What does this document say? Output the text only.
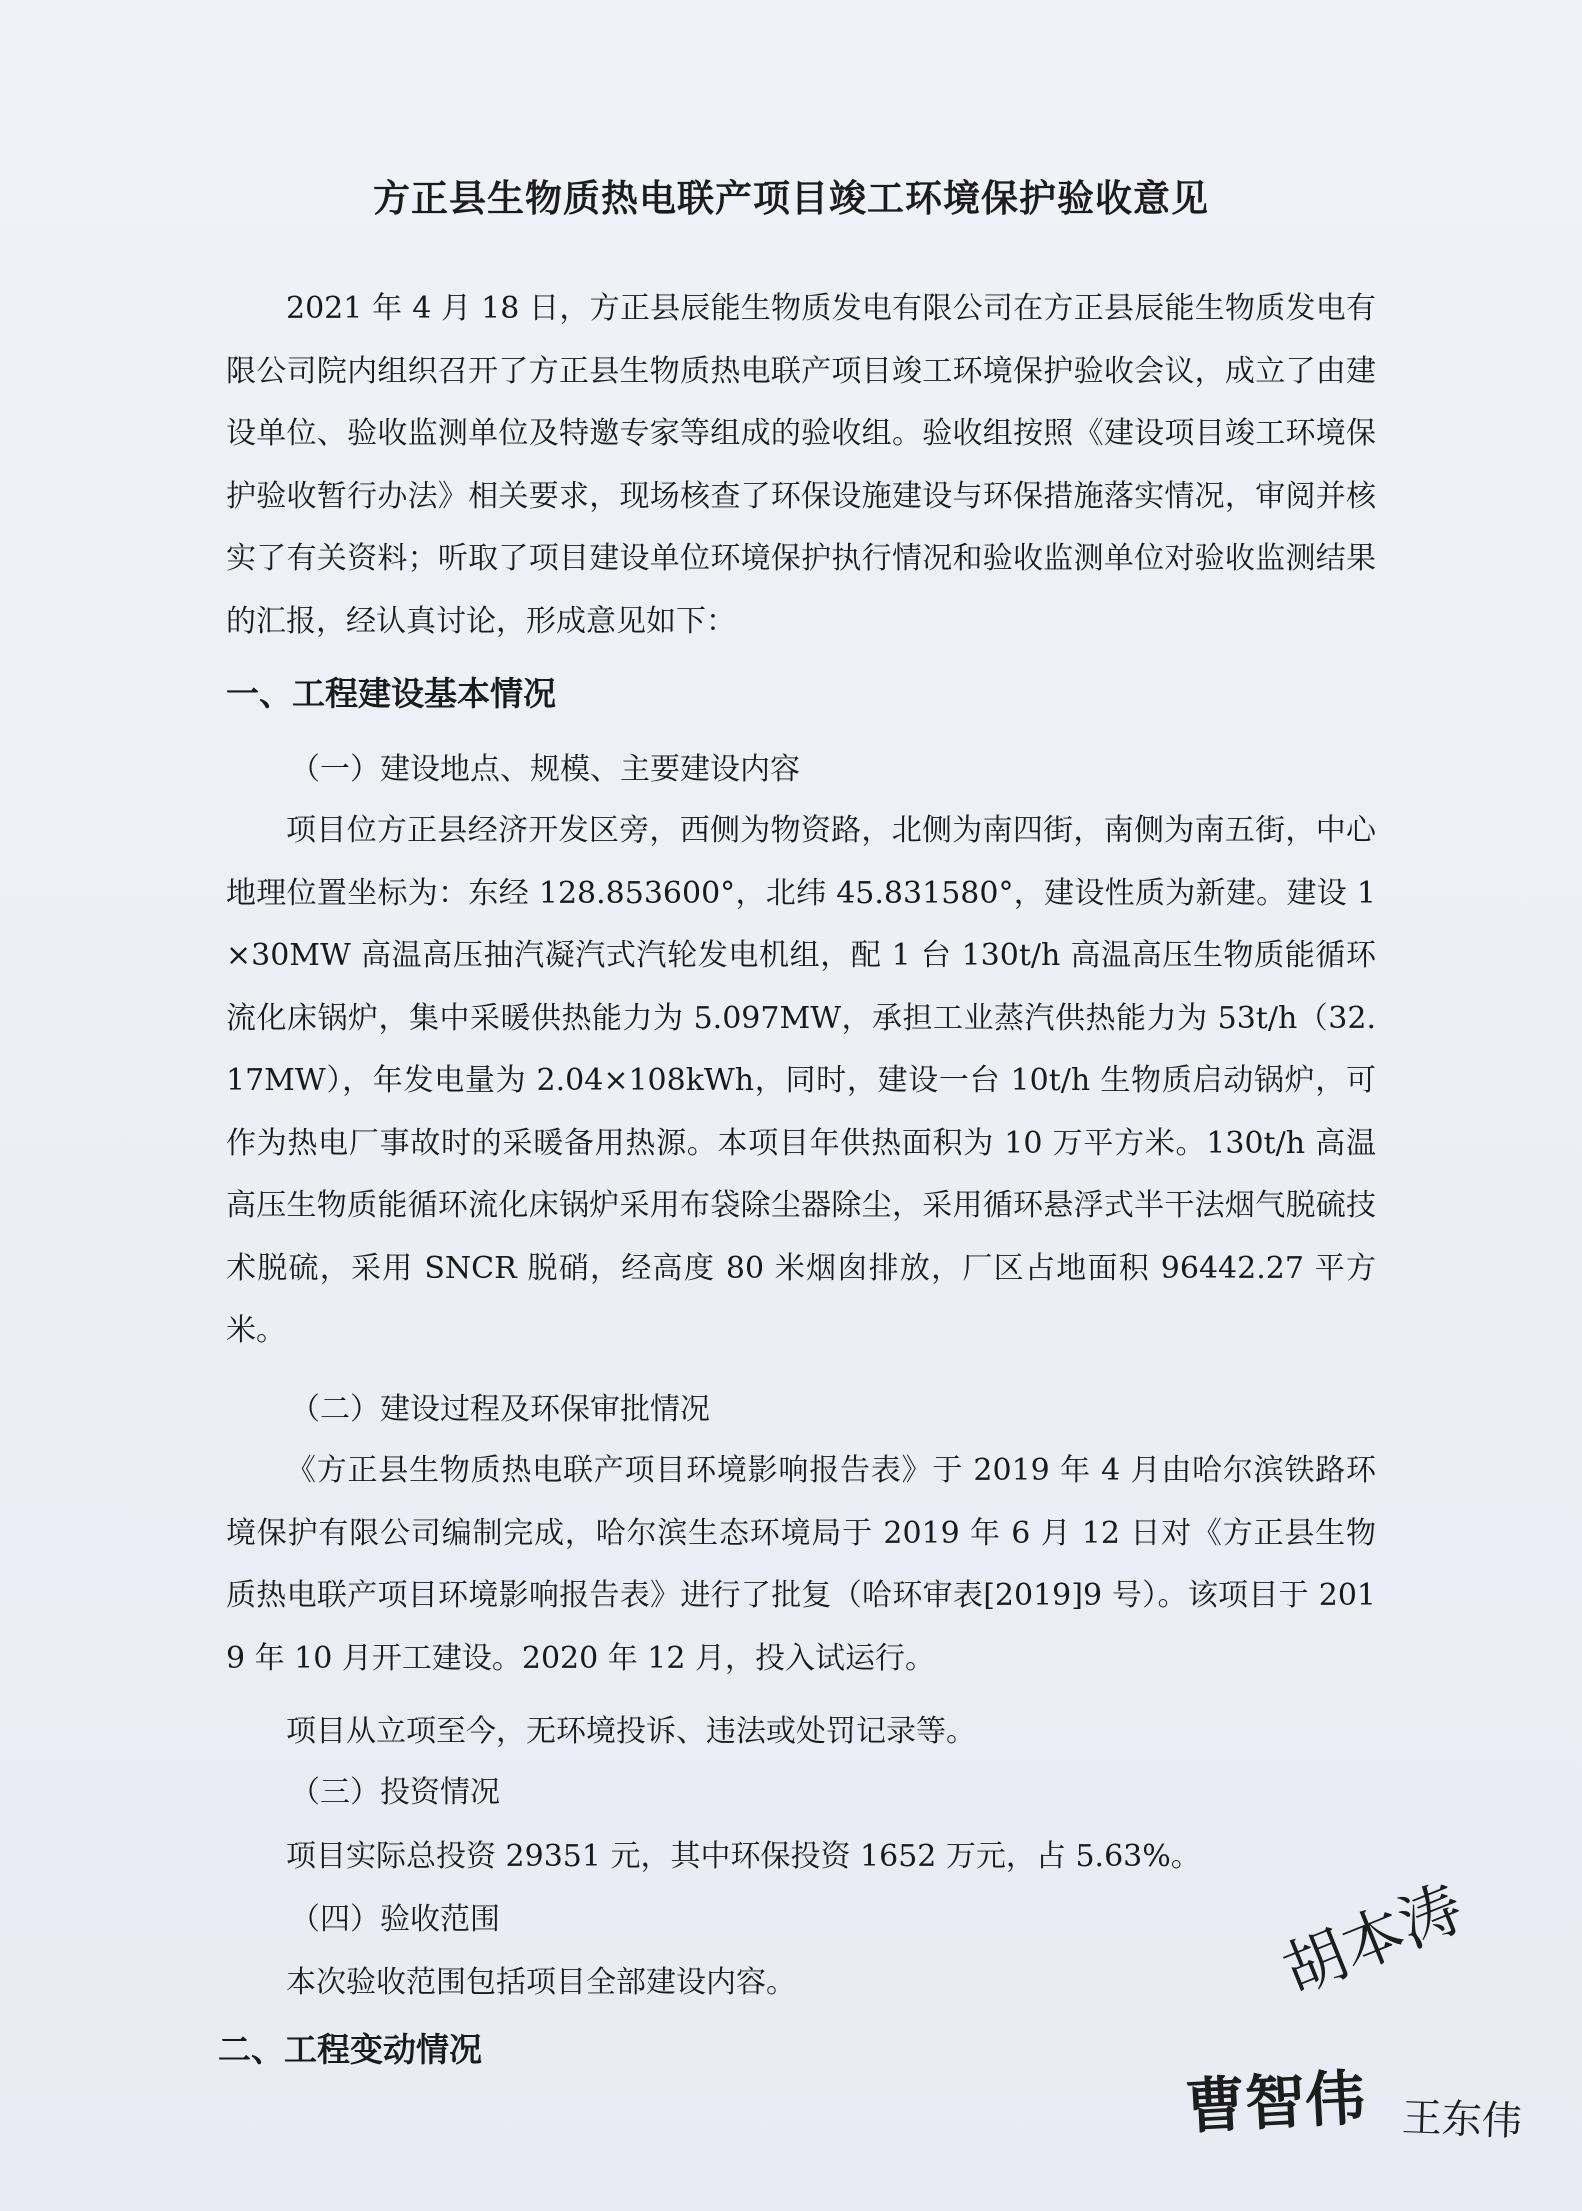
方正县生物质热电联产项目竣工环境保护验收意见

2021 年 4 月 18 日，方正县辰能生物质发电有限公司在方正县辰能生物质发电有限公司院内组织召开了方正县生物质热电联产项目竣工环境保护验收会议，成立了由建设单位、验收监测单位及特邀专家等组成的验收组。验收组按照《建设项目竣工环境保护验收暂行办法》相关要求，现场核查了环保设施建设与环保措施落实情况，审阅并核实了有关资料；听取了项目建设单位环境保护执行情况和验收监测单位对验收监测结果的汇报，经认真讨论，形成意见如下：

一、工程建设基本情况
（一）建设地点、规模、主要建设内容

项目位方正县经济开发区旁，西侧为物资路，北侧为南四街，南侧为南五街，中心地理位置坐标为：东经 128.853600°，北纬 45.831580°，建设性质为新建。建设 1×30MW 高温高压抽汽凝汽式汽轮发电机组，配 1 台 130t/h 高温高压生物质能循环流化床锅炉，集中采暖供热能力为 5.097MW，承担工业蒸汽供热能力为 53t/h（32.17MW），年发电量为 2.04×108kWh，同时，建设一台 10t/h 生物质启动锅炉，可作为热电厂事故时的采暖备用热源。本项目年供热面积为 10 万平方米。130t/h 高温高压生物质能循环流化床锅炉采用布袋除尘器除尘，采用循环悬浮式半干法烟气脱硫技术脱硫，采用 SNCR 脱硝，经高度 80 米烟囱排放，厂区占地面积 96442.27 平方米。

（二）建设过程及环保审批情况

《方正县生物质热电联产项目环境影响报告表》于 2019 年 4 月由哈尔滨铁路环境保护有限公司编制完成，哈尔滨生态环境局于 2019 年 6 月 12 日对《方正县生物质热电联产项目环境影响报告表》进行了批复（哈环审表[2019]9 号）。该项目于 2019 年 10 月开工建设。2020 年 12 月，投入试运行。

项目从立项至今，无环境投诉、违法或处罚记录等。
（三）投资情况
项目实际总投资 29351 元，其中环保投资 1652 万元，占 5.63%。
（四）验收范围
本次验收范围包括项目全部建设内容。
二、工程变动情况
胡本涛
曹智伟 王东伟
